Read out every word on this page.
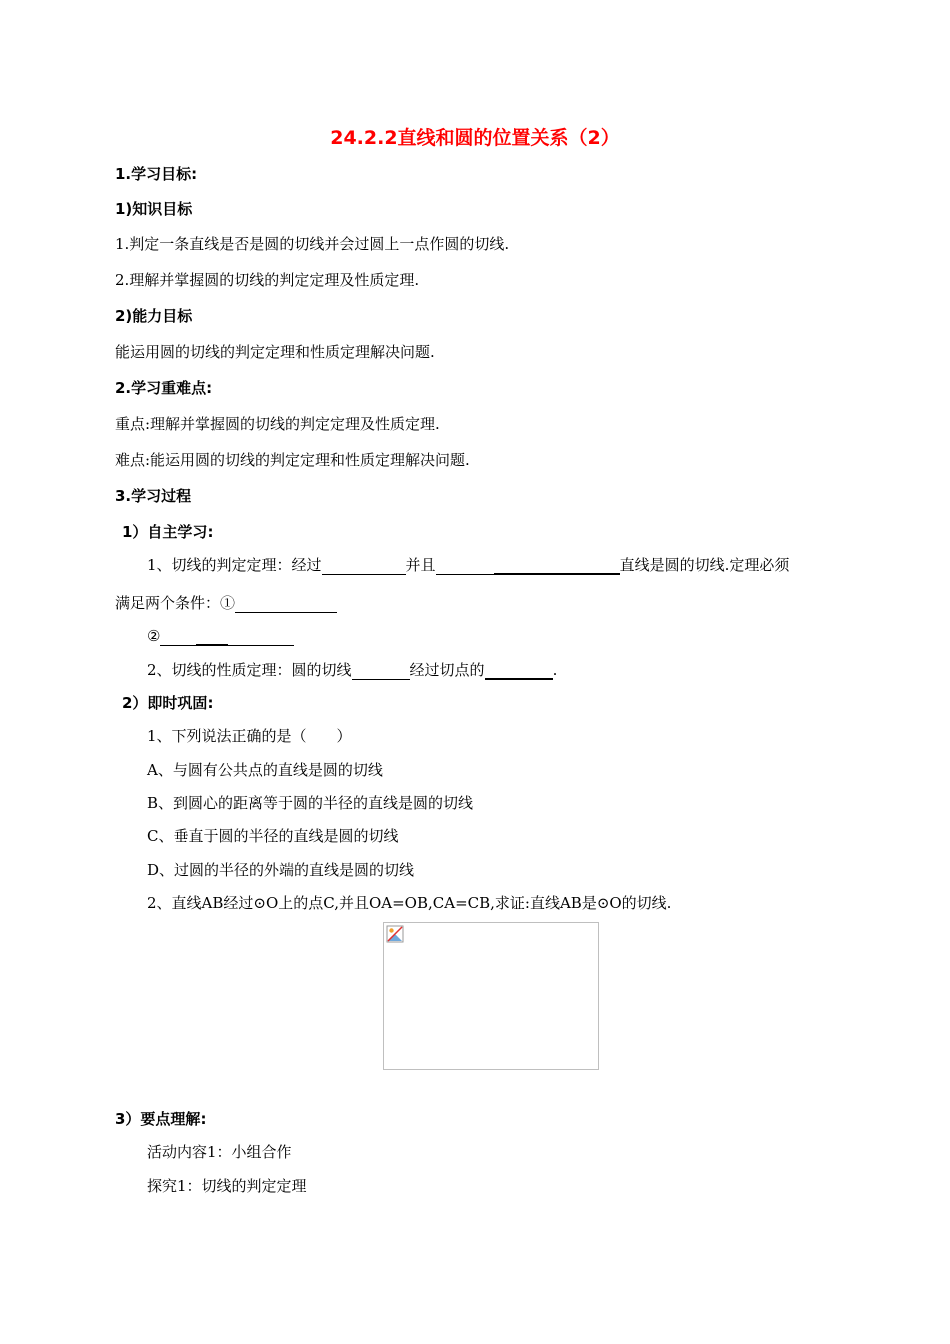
24.2.2直线和圆的位置关系（2）
1.学习目标:
1)知识目标
1.判定一条直线是否是圆的切线并会过圆上一点作圆的切线.
2.理解并掌握圆的切线的判定定理及性质定理.
2)能力目标
能运用圆的切线的判定定理和性质定理解决问题.
2.学习重难点:
重点:理解并掌握圆的切线的判定定理及性质定理.
难点:能运用圆的切线的判定定理和性质定理解决问题.
3.学习过程
1）自主学习:
1、切线的判定定理：经过	并且	直线是圆的切线.定理必须
满足两个条件：①
②
2、切线的性质定理：圆的切线	经过切点的	.
2）即时巩固:
1、下列说法正确的是（　　）
A、与圆有公共点的直线是圆的切线
B、到圆心的距离等于圆的半径的直线是圆的切线
C、垂直于圆的半径的直线是圆的切线
D、过圆的半径的外端的直线是圆的切线
2、直线AB经过⊙O上的点C,并且OA=OB,CA=CB,求证:直线AB是⊙O的切线.
3）要点理解:
活动内容1：小组合作
探究1：切线的判定定理
